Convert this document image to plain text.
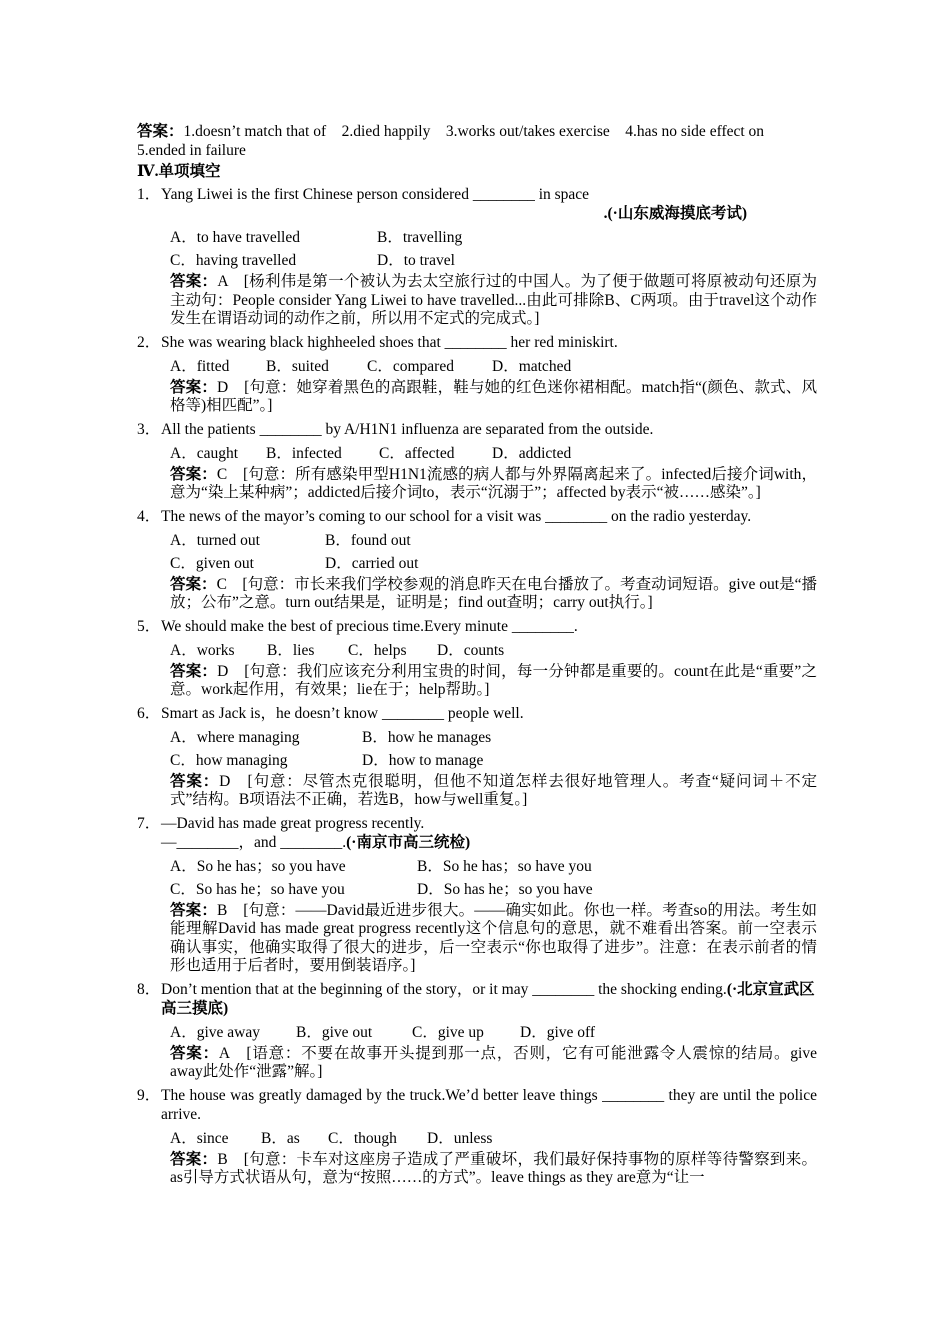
答案：1.doesn’t match that of　2.died happily　3.works out/takes exercise　4.has no side effect on
5.ended in failure
Ⅳ.单项填空
1．Yang Liwei is the first Chinese person considered ________ in space
.(·山东威海摸底考试)
A．to have travelled	B．travelling
C．having travelled	D．to travel
答案：A　[杨利伟是第一个被认为去太空旅行过的中国人。为了便于做题可将原被动句还原为主动句：People consider Yang Liwei to have travelled...由此可排除B、C两项。由于travel这个动作发生在谓语动词的动作之前，所以用不定式的完成式。]
2．She was wearing black highheeled shoes that ________ her red miniskirt.
A．fitted B．suited C．compared D．matched
答案：D　[句意：她穿着黑色的高跟鞋，鞋与她的红色迷你裙相配。match指“(颜色、款式、风格等)相匹配”。]
3．All the patients ________ by A/H1N1 influenza are separated from the outside.
A．caught B．infected C．affected D．addicted
答案：C　[句意：所有感染甲型H1N1流感的病人都与外界隔离起来了。infected后接介词with，意为“染上某种病”；addicted后接介词to，表示“沉溺于”；affected by表示“被……感染”。]
4．The news of the mayor’s coming to our school for a visit was ________ on the radio yesterday.
A．turned out	B．found out
C．given out	D．carried out
答案：C　[句意：市长来我们学校参观的消息昨天在电台播放了。考查动词短语。give out是“播放；公布”之意。turn out结果是，证明是；find out查明；carry out执行。]
5．We should make the best of precious time.Every minute ________.
A．works B．lies C．helps D．counts
答案：D　[句意：我们应该充分利用宝贵的时间，每一分钟都是重要的。count在此是“重要”之意。work起作用，有效果；lie在于；help帮助。]
6．Smart as Jack is，he doesn’t know ________ people well.
A．where managing	B．how he manages
C．how managing	D．how to manage
答案：D　[句意：尽管杰克很聪明，但他不知道怎样去很好地管理人。考查“疑问词＋不定式”结构。B项语法不正确，若选B，how与well重复。]
7．—David has made great progress recently.
—________，and ________.(·南京市高三统检)
A．So he has；so you have	B．So he has；so have you
C．So has he；so have you	D．So has he；so you have
答案：B　[句意：——David最近进步很大。——确实如此。你也一样。考查so的用法。考生如能理解David has made great progress recently这个信息句的意思，就不难看出答案。前一空表示确认事实，他确实取得了很大的进步，后一空表示“你也取得了进步”。注意：在表示前者的情形也适用于后者时，要用倒装语序。]
8． Don’t mention that at the beginning of the story，or it may ________ the shocking ending.(·北京宣武区高三摸底)
A．give away B．give out	C．give up D．give off
答案：A　[语意：不要在故事开头提到那一点，否则，它有可能泄露令人震惊的结局。give away此处作“泄露”解。]
9． The house was greatly damaged by the truck.We’d better leave things ________ they are until the police arrive.
A．since B．as C．though D．unless
答案：B　[句意：卡车对这座房子造成了严重破坏，我们最好保持事物的原样等待警察到来。as引导方式状语从句，意为“按照……的方式”。leave things as they are意为“让一
